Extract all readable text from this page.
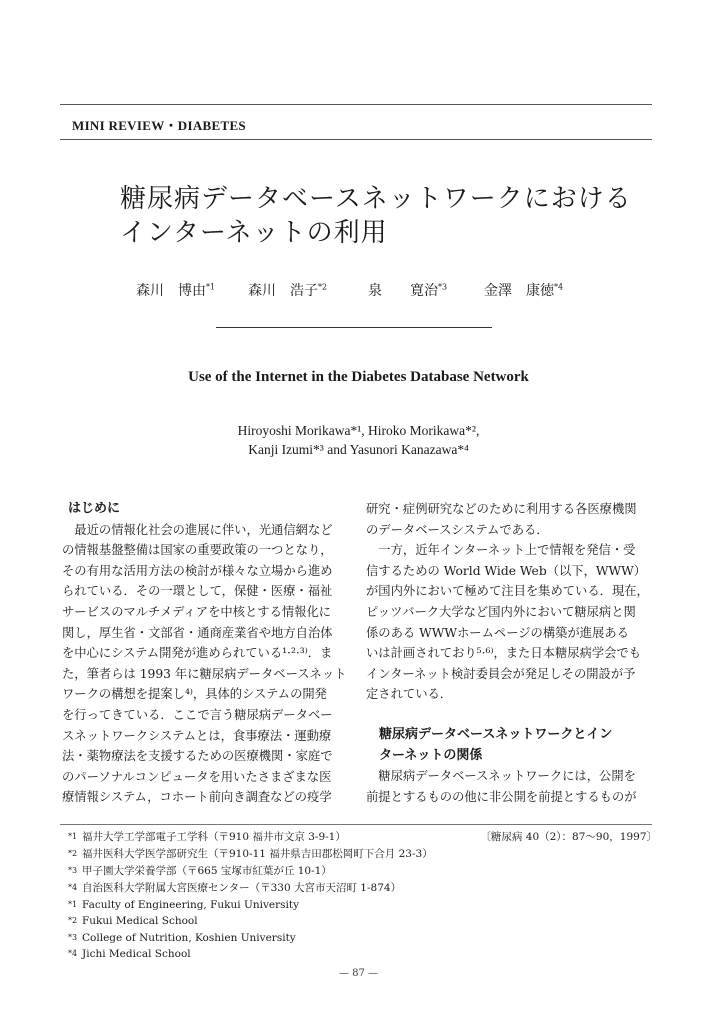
MINI REVIEW・DIABETES
糖尿病データベースネットワークにおける
インターネットの利用
森川　博由$^{*1}$ 森川　浩子$^{*2}$	泉　　寛治$^{*3}$	金澤　康徳$^{*4}$
Use of the Internet in the Diabetes Database Network
Hiroyoshi Morikawa*¹, Hiroko Morikawa*²,
Kanji Izumi*³ and Yasunori Kanazawa*⁴

はじめに

　最近の情報化社会の進展に伴い，光通信網など

の情報基盤整備は国家の重要政策の一つとなり，

その有用な活用方法の検討が様々な立場から進め

られている．その一環として，保健・医療・福祉

サービスのマルチメディアを中核とする情報化に

関し，厚生省・文部省・通商産業省や地方自治体

を中心にシステム開発が進められている¹·²·³⁾．ま

た，筆者らは 1993 年に糖尿病データベースネット

ワークの構想を提案し⁴⁾，具体的システムの開発

を行ってきている．ここで言う糖尿病データベー

スネットワークシステムとは，食事療法・運動療

法・薬物療法を支援するための医療機関・家庭で

のパーソナルコンピュータを用いたさまざまな医

療情報システム，コホート前向き調査などの疫学

研究・症例研究などのために利用する各医療機関

のデータベースシステムである．

　一方，近年インターネット上で情報を発信・受

信するための World Wide Web（以下，WWW）

が国内外において極めて注目を集めている．現在，

ピッツバーク大学など国内外において糖尿病と関

係のある WWWホームページの構築が進展ある

いは計画されており⁵·⁶⁾，また日本糖尿病学会でも

インターネット検討委員会が発足しその開設が予

定されている．

　糖尿病データベースネットワークとイン

　ターネットの関係

　糖尿病データベースネットワークには，公開を

前提とするものの他に非公開を前提とするものが

〔糖尿病 40（2）：87〜90，1997〕
*1 福井大学工学部電子工学科（〒910 福井市文京 3-9-1）
*2 福井医科大学医学部研究生（〒910-11 福井県吉田郡松岡町下合月 23-3）
*3 甲子園大学栄養学部（〒665 宝塚市紅葉が丘 10-1）
*4 自治医科大学附属大宮医療センター（〒330 大宮市天沼町 1-874）
*1 Faculty of Engineering, Fukui University
*2 Fukui Medical School
*3 College of Nutrition, Koshien University
*4 Jichi Medical School
— 87 —
